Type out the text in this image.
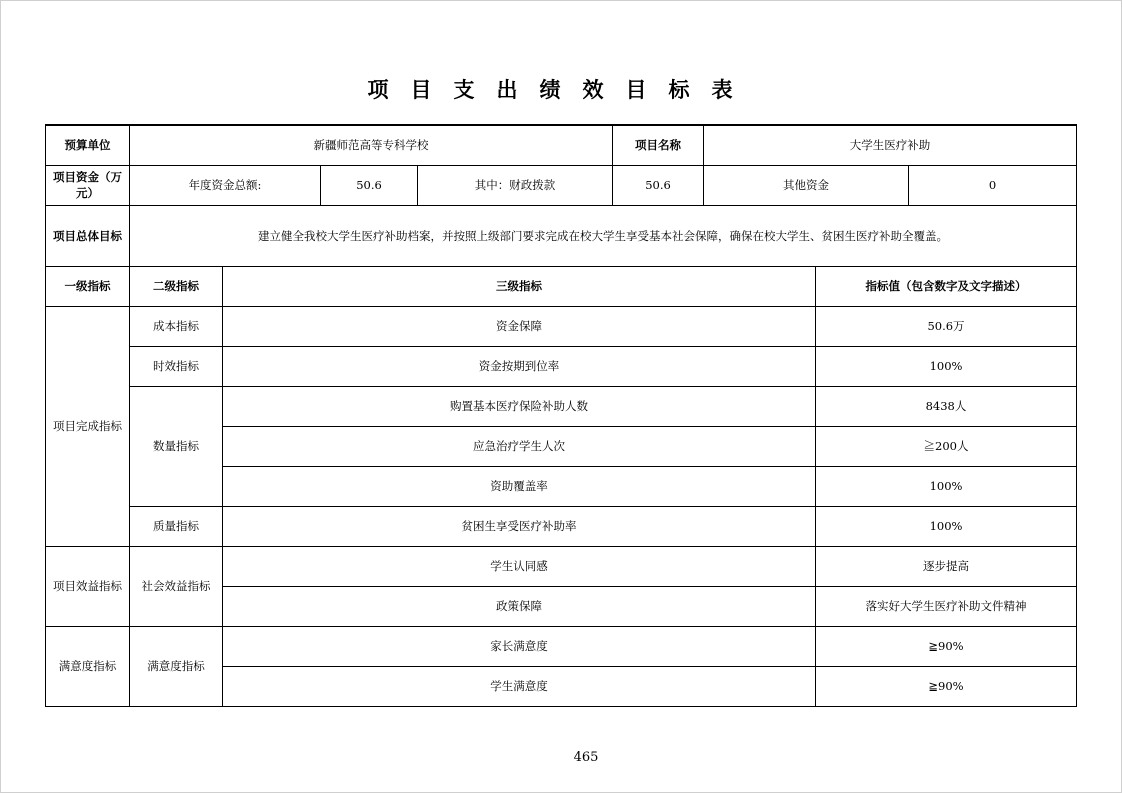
项目支出绩效目标表
预算单位	新疆师范高等专科学校				项目名称	大学生医疗补助		
项目资金（万元）	年度资金总额:		50.6	其中：财政拨款	50.6	其他资金		0
项目总体目标	建立健全我校大学生医疗补助档案，并按照上级部门要求完成在校大学生享受基本社会保障，确保在校大学生、贫困生医疗补助全覆盖。							
一级指标	二级指标	三级指标					指标值（包含数字及文字描述）	
项目完成指标	成本指标	资金保障					50.6万	
	时效指标	资金按期到位率					100%	
	数量指标	购置基本医疗保险补助人数					8438人	
		应急治疗学生人次					≧200人	
		资助覆盖率					100%	
	质量指标	贫困生享受医疗补助率					100%	
项目效益指标	社会效益指标	学生认同感					逐步提高	
		政策保障					落实好大学生医疗补助文件精神	
满意度指标	满意度指标	家长满意度					≧90%	
		学生满意度					≧90%	
465
